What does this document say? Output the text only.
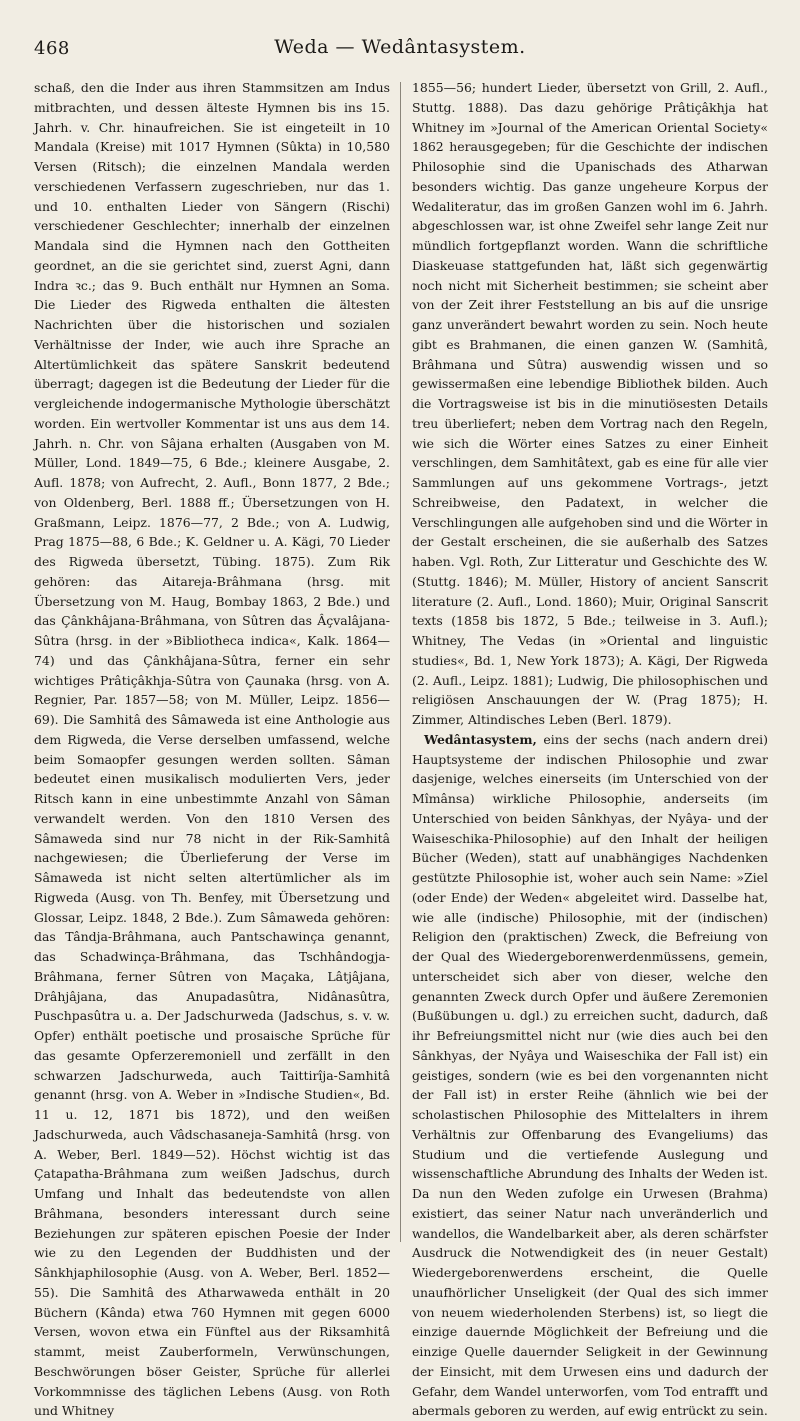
468	Weda — Wedântasystem.

schaß, den die Inder aus ihren Stammsitzen am Indus mitbrachten, und dessen älteste Hymnen bis ins 15. Jahrh. v. Chr. hinaufreichen. Sie ist eingeteilt in 10 Mandala (Kreise) mit 1017 Hymnen (Sûkta) in 10,580 Versen (Ritsch); die einzelnen Mandala werden verschiedenen Verfassern zugeschrieben, nur das 1. und 10. enthalten Lieder von Sängern (Rischi) verschiedener Geschlechter; innerhalb der einzelnen Mandala sind die Hymnen nach den Gottheiten geordnet, an die sie gerichtet sind, zuerst Agni, dann Indra ꝛc.; das 9. Buch enthält nur Hymnen an Soma. Die Lieder des Rigweda enthalten die ältesten Nachrichten über die historischen und sozialen Verhältnisse der Inder, wie auch ihre Sprache an Altertümlichkeit das spätere Sanskrit bedeutend überragt; dagegen ist die Bedeutung der Lieder für die vergleichende indogermanische Mythologie überschätzt worden. Ein wertvoller Kommentar ist uns aus dem 14. Jahrh. n. Chr. von Sâjana erhalten (Ausgaben von M. Müller, Lond. 1849—75, 6 Bde.; kleinere Ausgabe, 2. Aufl. 1878; von Aufrecht, 2. Aufl., Bonn 1877, 2 Bde.; von Oldenberg, Berl. 1888 ff.; Übersetzungen von H. Graßmann, Leipz. 1876—77, 2 Bde.; von A. Ludwig, Prag 1875—88, 6 Bde.; K. Geldner u. A. Kägi, 70 Lieder des Rigweda übersetzt, Tübing. 1875). Zum Rik gehören: das Aitareja-Brâhmana (hrsg. mit Übersetzung von M. Haug, Bombay 1863, 2 Bde.) und das Çânkhâjana-Brâhmana, von Sûtren das Âçvalâjana-Sûtra (hrsg. in der »Bibliotheca indica«, Kalk. 1864—74) und das Çânkhâjana-Sûtra, ferner ein sehr wichtiges Prâtiçâkhja-Sûtra von Çaunaka (hrsg. von A. Regnier, Par. 1857—58; von M. Müller, Leipz. 1856—69). Die Samhitâ des Sâmaweda ist eine Anthologie aus dem Rigweda, die Verse derselben umfassend, welche beim Somaopfer gesungen werden sollten. Sâman bedeutet einen musikalisch modulierten Vers, jeder Ritsch kann in eine unbestimmte Anzahl von Sâman verwandelt werden. Von den 1810 Versen des Sâmaweda sind nur 78 nicht in der Rik-Samhitâ nachgewiesen; die Überlieferung der Verse im Sâmaweda ist nicht selten altertümlicher als im Rigweda (Ausg. von Th. Benfey, mit Übersetzung und Glossar, Leipz. 1848, 2 Bde.). Zum Sâmaweda gehören: das Tândja-Brâhmana, auch Pantschawinça genannt, das Schadwinça-Brâhmana, das Tschhândogja-Brâhmana, ferner Sûtren von Maçaka, Lâtjâjana, Drâhjâjana, das Anupadasûtra, Nidânasûtra, Puschpasûtra u. a. Der Jadschurweda (Jadschus, s. v. w. Opfer) enthält poetische und prosaische Sprüche für das gesamte Opferzeremoniell und zerfällt in den schwarzen Jadschurweda, auch Taittirîja-Samhitâ genannt (hrsg. von A. Weber in »Indische Studien«, Bd. 11 u. 12, 1871 bis 1872), und den weißen Jadschurweda, auch Vâdschasaneja-Samhitâ (hrsg. von A. Weber, Berl. 1849—52). Höchst wichtig ist das Çatapatha-Brâhmana zum weißen Jadschus, durch Umfang und Inhalt das bedeutendste von allen Brâhmana, besonders interessant durch seine Beziehungen zur späteren epischen Poesie der Inder wie zu den Legenden der Buddhisten und der Sânkhjaphilosophie (Ausg. von A. Weber, Berl. 1852—55). Die Samhitâ des Atharwaweda enthält in 20 Büchern (Kânda) etwa 760 Hymnen mit gegen 6000 Versen, wovon etwa ein Fünftel aus der Riksamhitâ stammt, meist Zauberformeln, Verwünschungen, Beschwörungen böser Geister, Sprüche für allerlei Vorkommnisse des täglichen Lebens (Ausg. von Roth und Whitney

1855—56; hundert Lieder, übersetzt von Grill, 2. Aufl., Stuttg. 1888). Das dazu gehörige Prâtiçâkhja hat Whitney im »Journal of the American Oriental Society« 1862 herausgegeben; für die Geschichte der indischen Philosophie sind die Upanischads des Atharwan besonders wichtig. Das ganze ungeheure Korpus der Wedaliteratur, das im großen Ganzen wohl im 6. Jahrh. abgeschlossen war, ist ohne Zweifel sehr lange Zeit nur mündlich fortgepflanzt worden. Wann die schriftliche Diaskeuase stattgefunden hat, läßt sich gegenwärtig noch nicht mit Sicherheit bestimmen; sie scheint aber von der Zeit ihrer Feststellung an bis auf die unsrige ganz unverändert bewahrt worden zu sein. Noch heute gibt es Brahmanen, die einen ganzen W. (Samhitâ, Brâhmana und Sûtra) auswendig wissen und so gewissermaßen eine lebendige Bibliothek bilden. Auch die Vortragsweise ist bis in die minutiösesten Details treu überliefert; neben dem Vortrag nach den Regeln, wie sich die Wörter eines Satzes zu einer Einheit verschlingen, dem Samhitâtext, gab es eine für alle vier Sammlungen auf uns gekommene Vortrags-, jetzt Schreibweise, den Padatext, in welcher die Verschlingungen alle aufgehoben sind und die Wörter in der Gestalt erscheinen, die sie außerhalb des Satzes haben. Vgl. Roth, Zur Litteratur und Geschichte des W. (Stuttg. 1846); M. Müller, History of ancient Sanscrit literature (2. Aufl., Lond. 1860); Muir, Original Sanscrit texts (1858 bis 1872, 5 Bde.; teilweise in 3. Aufl.); Whitney, The Vedas (in »Oriental and linguistic studies«, Bd. 1, New York 1873); A. Kägi, Der Rigweda (2. Aufl., Leipz. 1881); Ludwig, Die philosophischen und religiösen Anschauungen der W. (Prag 1875); H. Zimmer, Altindisches Leben (Berl. 1879).

Wedântasystem, eins der sechs (nach andern drei) Hauptsysteme der indischen Philosophie und zwar dasjenige, welches einerseits (im Unterschied von der Mîmânsa) wirkliche Philosophie, anderseits (im Unterschied von beiden Sânkhyas, der Nyâya- und der Waiseschika-Philosophie) auf den Inhalt der heiligen Bücher (Weden), statt auf unabhängiges Nachdenken gestützte Philosophie ist, woher auch sein Name: »Ziel (oder Ende) der Weden« abgeleitet wird. Dasselbe hat, wie alle (indische) Philosophie, mit der (indischen) Religion den (praktischen) Zweck, die Befreiung von der Qual des Wiedergeborenwerdenmüssens, gemein, unterscheidet sich aber von dieser, welche den genannten Zweck durch Opfer und äußere Zeremonien (Bußübungen u. dgl.) zu erreichen sucht, dadurch, daß ihr Befreiungsmittel nicht nur (wie dies auch bei den Sânkhyas, der Nyâya und Waiseschika der Fall ist) ein geistiges, sondern (wie es bei den vorgenannten nicht der Fall ist) in erster Reihe (ähnlich wie bei der scholastischen Philosophie des Mittelalters in ihrem Verhältnis zur Offenbarung des Evangeliums) das Studium und die vertiefende Auslegung und wissenschaftliche Abrundung des Inhalts der Weden ist. Da nun den Weden zufolge ein Urwesen (Brahma) existiert, das seiner Natur nach unveränderlich und wandellos, die Wandelbarkeit aber, als deren schärfster Ausdruck die Notwendigkeit des (in neuer Gestalt) Wiedergeborenwerdens erscheint, die Quelle unaufhörlicher Unseligkeit (der Qual des sich immer von neuem wiederholenden Sterbens) ist, so liegt die einzige dauernde Möglichkeit der Befreiung und die einzige Quelle dauernder Seligkeit in der Gewinnung der Einsicht, mit dem Urwesen eins und dadurch der Gefahr, dem Wandel unterworfen, vom Tod entrafft und abermals geboren zu werden, auf ewig entrückt zu sein.
